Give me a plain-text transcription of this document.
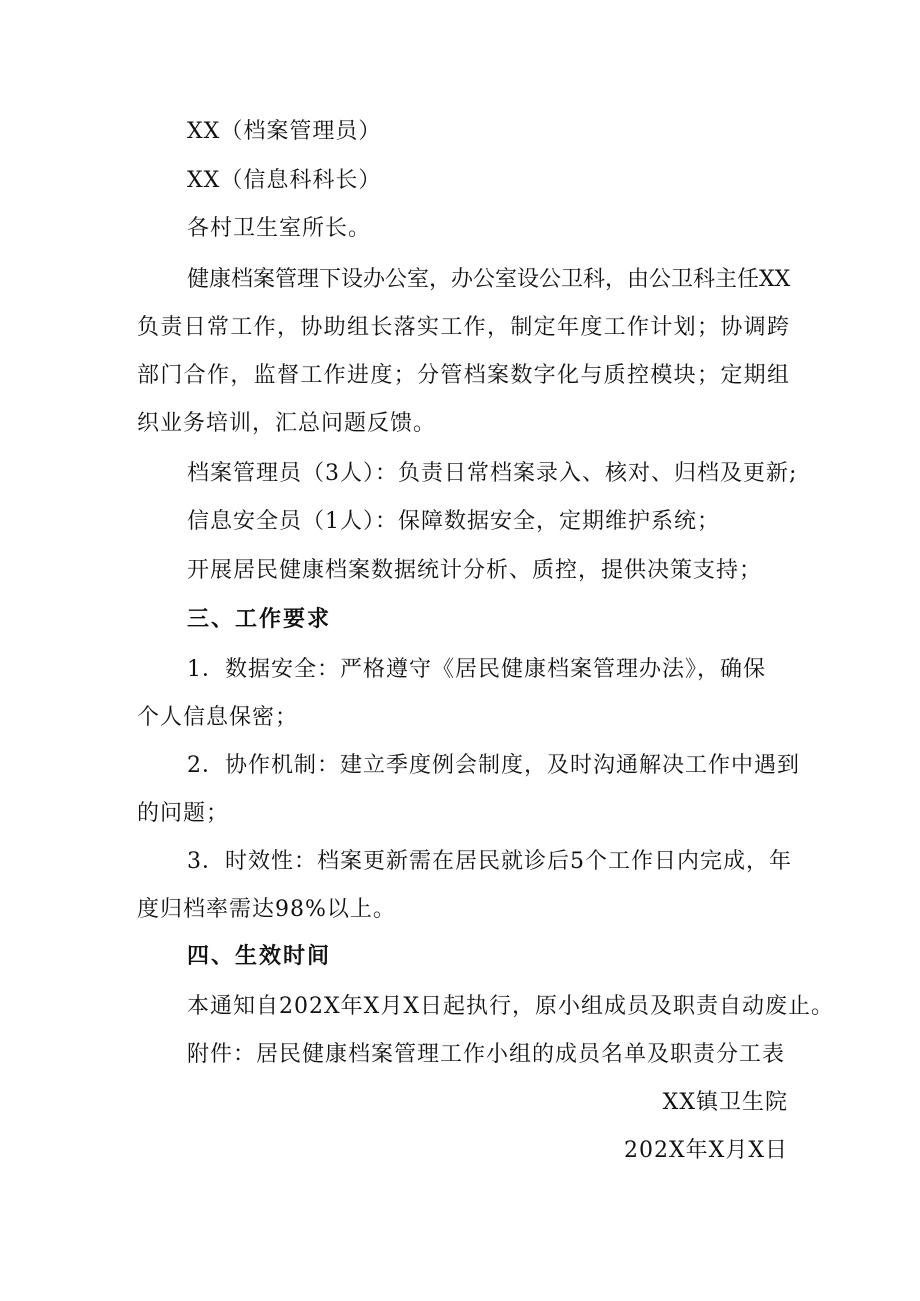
XX（档案管理员）
XX（信息科科长）
各村卫生室所长。
健康档案管理下设办公室，办公室设公卫科，由公卫科主任XX
负责日常工作，协助组长落实工作，制定年度工作计划；协调跨
部门合作，监督工作进度；分管档案数字化与质控模块；定期组
织业务培训，汇总问题反馈。
档案管理员（3人）：负责日常档案录入、核对、归档及更新;
信息安全员（1人）：保障数据安全，定期维护系统；
开展居民健康档案数据统计分析、质控，提供决策支持；
三、工作要求
1．数据安全：严格遵守《居民健康档案管理办法》，确保
个人信息保密；
2．协作机制：建立季度例会制度，及时沟通解决工作中遇到
的问题；
3．时效性：档案更新需在居民就诊后5个工作日内完成，年
度归档率需达98%以上。
四、生效时间
本通知自202X年X月X日起执行，原小组成员及职责自动废止。
附件：居民健康档案管理工作小组的成员名单及职责分工表
XX镇卫生院
202X年X月X日
